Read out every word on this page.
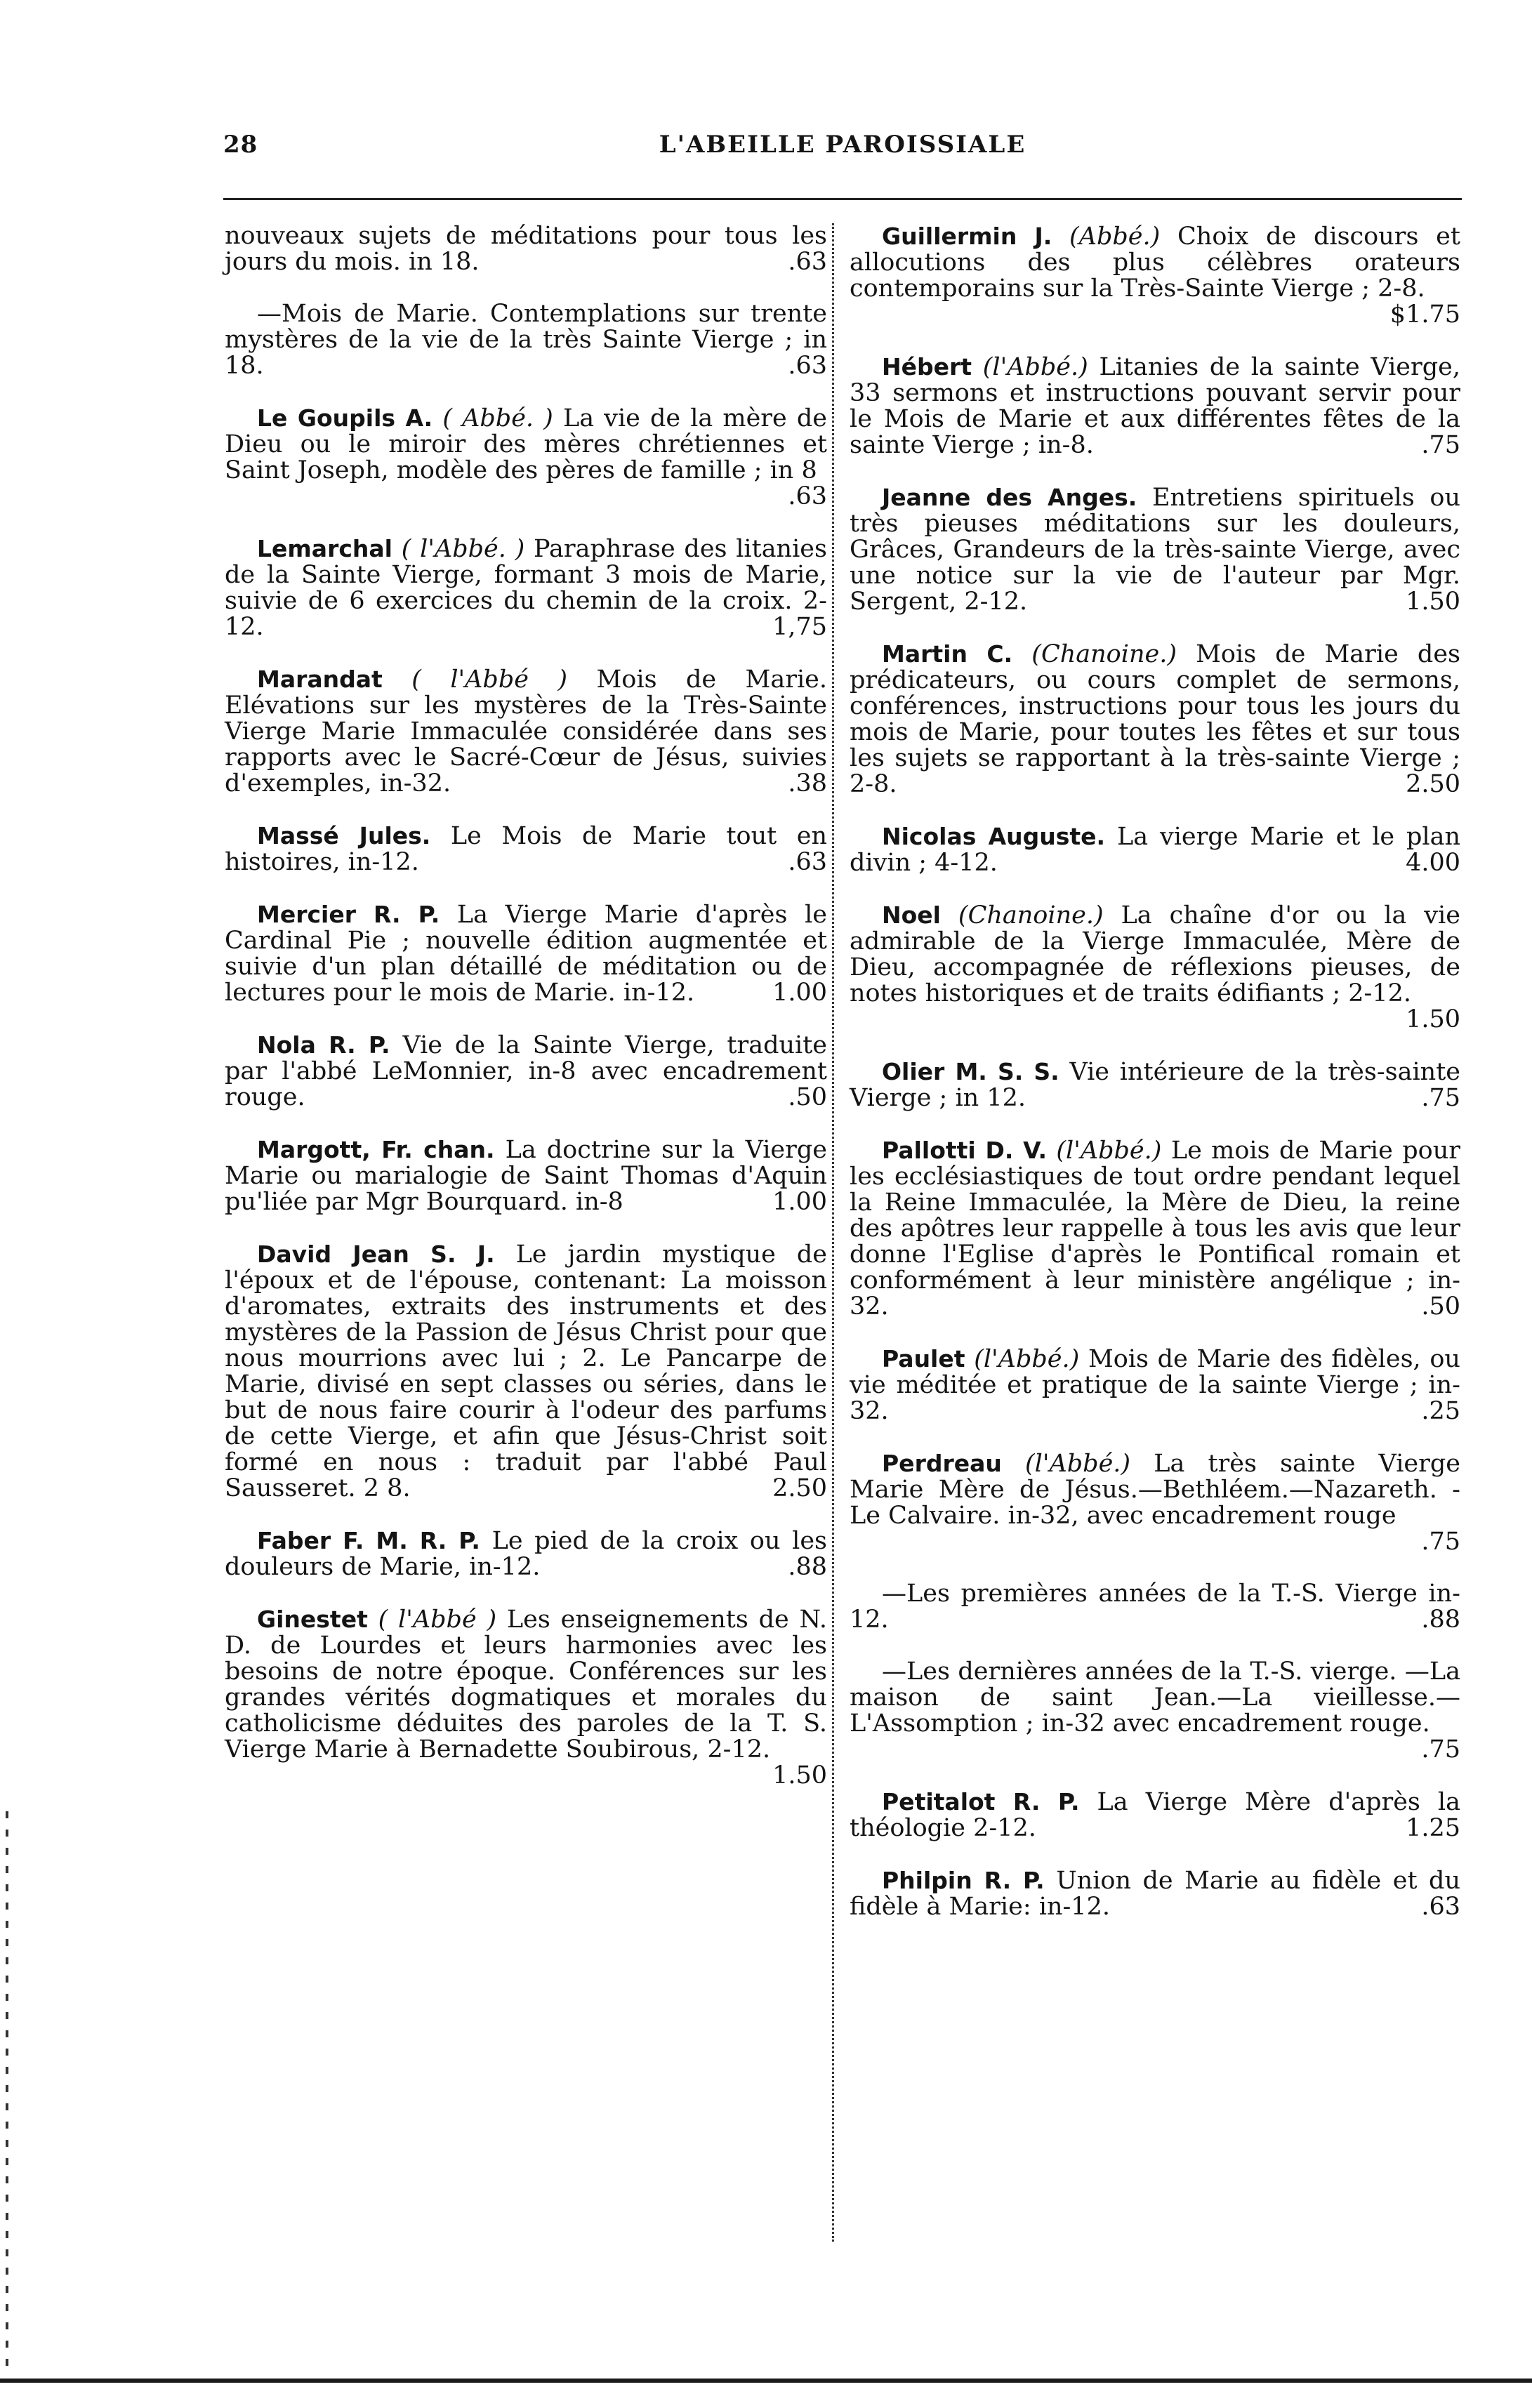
28	L'ABEILLE PAROISSIALE

nouveaux sujets de méditations pour tous les jours du mois. in 18.	.63

—Mois de Marie. Contemplations sur trente mystères de la vie de la très Sainte Vierge ; in 18.	.63

Le Goupils A. ( Abbé. ) La vie de la mère de Dieu ou le miroir des mères chrétiennes et Saint Joseph, modèle des pères de famille ; in 8
.63

Lemarchal ( l'Abbé. ) Paraphrase des litanies de la Sainte Vierge, formant 3 mois de Marie, suivie de 6 exercices du chemin de la croix. 2-12.	1,75

Marandat ( l'Abbé ) Mois de Marie. Elévations sur les mystères de la Très-Sainte Vierge Marie Immaculée considérée dans ses rapports avec le Sacré-Cœur de Jésus, suivies d'exemples, in-32.	.38

Massé Jules. Le Mois de Marie tout en histoires, in-12.	.63

Mercier R. P. La Vierge Marie d'après le Cardinal Pie ; nouvelle édition augmentée et suivie d'un plan détaillé de méditation ou de lectures pour le mois de Marie. in-12.	1.00

Nola R. P. Vie de la Sainte Vierge, traduite par l'abbé LeMonnier, in-8 avec encadrement rouge.	.50

Margott, Fr. chan. La doctrine sur la Vierge Marie ou marialogie de Saint Thomas d'Aquin pu'liée par Mgr Bourquard. in-8	1.00

David Jean S. J. Le jardin mystique de l'époux et de l'épouse, contenant: La moisson d'aromates, extraits des instruments et des mystères de la Passion de Jésus Christ pour que nous mourrions avec lui ; 2. Le Pancarpe de Marie, divisé en sept classes ou séries, dans le but de nous faire courir à l'odeur des parfums de cette Vierge, et afin que Jésus-Christ soit formé en nous : traduit par l'abbé Paul Sausseret. 2 8.	2.50

Faber F. M. R. P. Le pied de la croix ou les douleurs de Marie, in-12.	.88

Ginestet ( l'Abbé ) Les enseignements de N. D. de Lourdes et leurs harmonies avec les besoins de notre époque. Conférences sur les grandes vérités dogmatiques et morales du catholicisme déduites des paroles de la T. S. Vierge Marie à Bernadette Soubirous, 2-12.
1.50

Guillermin J. (Abbé.) Choix de discours et allocutions des plus célèbres orateurs contemporains sur la Très-Sainte Vierge ; 2-8.
$1.75

Hébert (l'Abbé.) Litanies de la sainte Vierge, 33 sermons et instructions pouvant servir pour le Mois de Marie et aux différentes fêtes de la sainte Vierge ; in-8.	.75

Jeanne des Anges. Entretiens spirituels ou très pieuses méditations sur les douleurs, Grâces, Grandeurs de la très-sainte Vierge, avec une notice sur la vie de l'auteur par Mgr. Sergent, 2-12.	1.50

Martin C. (Chanoine.) Mois de Marie des prédicateurs, ou cours complet de sermons, conférences, instructions pour tous les jours du mois de Marie, pour toutes les fêtes et sur tous les sujets se rapportant à la très-sainte Vierge ; 2-8.	2.50

Nicolas Auguste. La vierge Marie et le plan divin ; 4-12.	4.00

Noel (Chanoine.) La chaîne d'or ou la vie admirable de la Vierge Immaculée, Mère de Dieu, accompagnée de réflexions pieuses, de notes historiques et de traits édifiants ; 2-12.
1.50

Olier M. S. S. Vie intérieure de la très-sainte Vierge ; in 12.	.75

Pallotti D. V. (l'Abbé.) Le mois de Marie pour les ecclésiastiques de tout ordre pendant lequel la Reine Immaculée, la Mère de Dieu, la reine des apôtres leur rappelle à tous les avis que leur donne l'Eglise d'après le Pontifical romain et conformément à leur ministère angélique ; in-32.	.50

Paulet (l'Abbé.) Mois de Marie des fidèles, ou vie méditée et pratique de la sainte Vierge ; in-32.	.25

Perdreau (l'Abbé.) La très sainte Vierge Marie Mère de Jésus.—Bethléem.—Nazareth. -Le Calvaire. in-32, avec encadrement rouge
.75

—Les premières années de la T.-S. Vierge in-12.	.88

—Les dernières années de la T.-S. vierge. —La maison de saint Jean.—La vieillesse.—L'Assomption ; in-32 avec encadrement rouge.
.75

Petitalot R. P. La Vierge Mère d'après la théologie 2-12.	1.25

Philpin R. P. Union de Marie au fidèle et du fidèle à Marie: in-12.	.63
